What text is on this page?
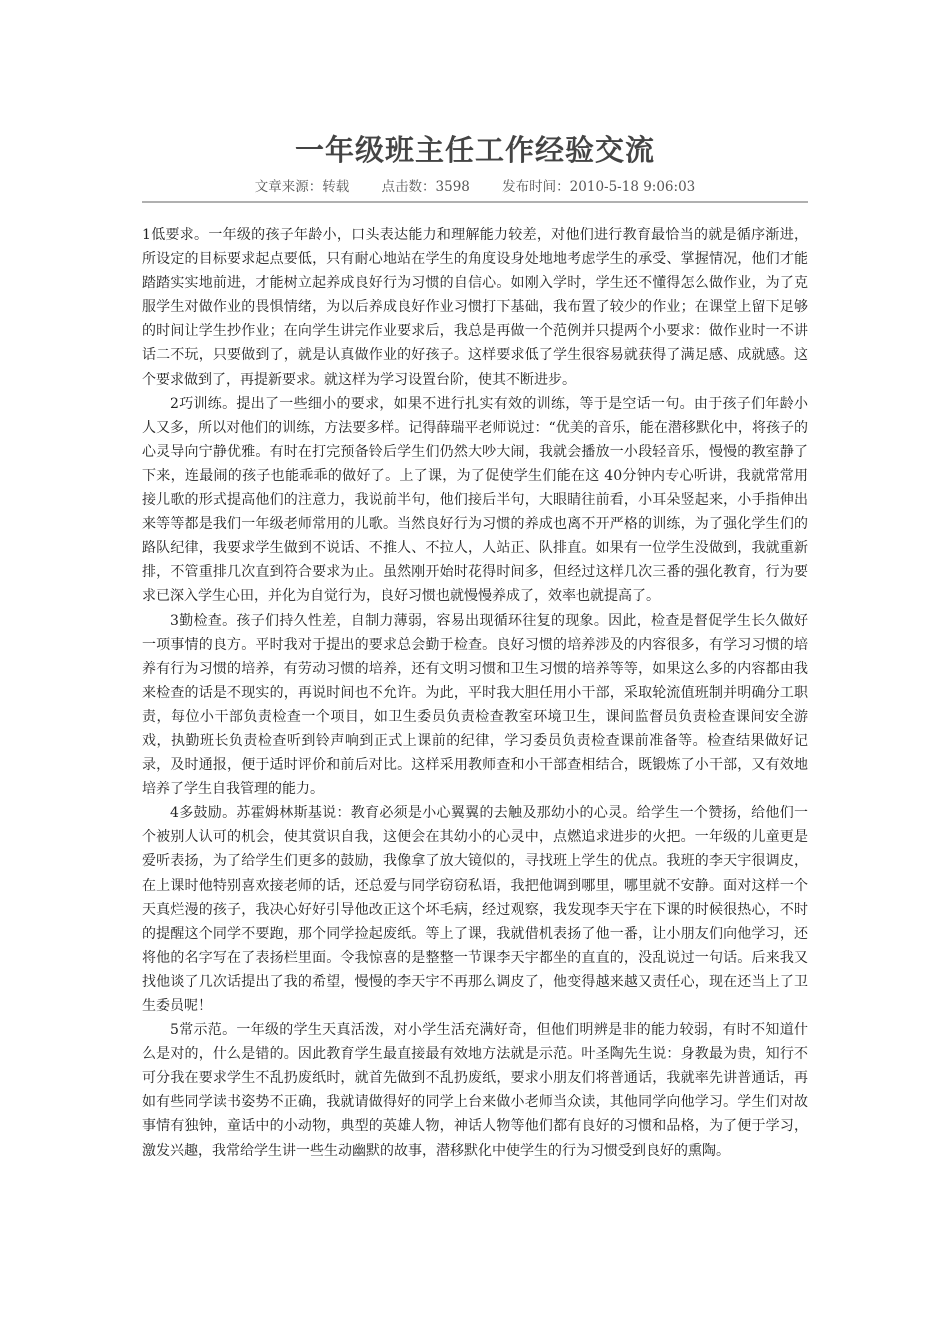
一年级班主任工作经验交流
文章来源：转载 点击数：3598 发布时间：2010-5-18 9:06:03

1低要求。一年级的孩子年龄小，口头表达能力和理解能力较差，对他们进行教育最恰当的就是循序渐进，所设定的目标要求起点要低，只有耐心地站在学生的角度设身处地地考虑学生的承受、掌握情况，他们才能踏踏实实地前进，才能树立起养成良好行为习惯的自信心。如刚入学时，学生还不懂得怎么做作业，为了克服学生对做作业的畏惧情绪，为以后养成良好作业习惯打下基础，我布置了较少的作业；在课堂上留下足够的时间让学生抄作业；在向学生讲完作业要求后，我总是再做一个范例并只提两个小要求：做作业时一不讲话二不玩，只要做到了，就是认真做作业的好孩子。这样要求低了学生很容易就获得了满足感、成就感。这个要求做到了，再提新要求。就这样为学习设置台阶，使其不断进步。

2巧训练。提出了一些细小的要求，如果不进行扎实有效的训练，等于是空话一句。由于孩子们年龄小人又多，所以对他们的训练，方法要多样。记得薛瑞平老师说过：“优美的音乐，能在潜移默化中，将孩子的心灵导向宁静优雅。有时在打完预备铃后学生们仍然大吵大闹，我就会播放一小段轻音乐，慢慢的教室静了下来，连最闹的孩子也能乖乖的做好了。上了课，为了促使学生们能在这 40分钟内专心听讲，我就常常用接儿歌的形式提高他们的注意力，我说前半句，他们接后半句，大眼睛往前看，小耳朵竖起来，小手指伸出来等等都是我们一年级老师常用的儿歌。当然良好行为习惯的养成也离不开严格的训练，为了强化学生们的路队纪律，我要求学生做到不说话、不推人、不拉人，人站正、队排直。如果有一位学生没做到，我就重新排，不管重排几次直到符合要求为止。虽然刚开始时花得时间多，但经过这样几次三番的强化教育，行为要求已深入学生心田，并化为自觉行为，良好习惯也就慢慢养成了，效率也就提高了。

3勤检查。孩子们持久性差，自制力薄弱，容易出现循环往复的现象。因此，检查是督促学生长久做好一项事情的良方。平时我对于提出的要求总会勤于检查。良好习惯的培养涉及的内容很多，有学习习惯的培养有行为习惯的培养，有劳动习惯的培养，还有文明习惯和卫生习惯的培养等等，如果这么多的内容都由我来检查的话是不现实的，再说时间也不允许。为此，平时我大胆任用小干部，采取轮流值班制并明确分工职责，每位小干部负责检查一个项目，如卫生委员负责检查教室环境卫生，课间监督员负责检查课间安全游戏，执勤班长负责检查听到铃声响到正式上课前的纪律，学习委员负责检查课前准备等。检查结果做好记录，及时通报，便于适时评价和前后对比。这样采用教师查和小干部查相结合，既锻炼了小干部，又有效地培养了学生自我管理的能力。

4多鼓励。苏霍姆林斯基说：教育必须是小心翼翼的去触及那幼小的心灵。给学生一个赞扬，给他们一个被别人认可的机会，使其赏识自我，这便会在其幼小的心灵中，点燃追求进步的火把。一年级的儿童更是爱听表扬，为了给学生们更多的鼓励，我像拿了放大镜似的，寻找班上学生的优点。我班的李天宇很调皮，在上课时他特别喜欢接老师的话，还总爱与同学窃窃私语，我把他调到哪里，哪里就不安静。面对这样一个天真烂漫的孩子，我决心好好引导他改正这个坏毛病，经过观察，我发现李天宇在下课的时候很热心，不时的提醒这个同学不要跑，那个同学捡起废纸。等上了课，我就借机表扬了他一番，让小朋友们向他学习，还将他的名字写在了表扬栏里面。令我惊喜的是整整一节课李天宇都坐的直直的，没乱说过一句话。后来我又找他谈了几次话提出了我的希望，慢慢的李天宇不再那么调皮了，他变得越来越又责任心，现在还当上了卫生委员呢！

5常示范。一年级的学生天真活泼，对小学生活充满好奇，但他们明辨是非的能力较弱，有时不知道什么是对的，什么是错的。因此教育学生最直接最有效地方法就是示范。叶圣陶先生说：身教最为贵，知行不可分我在要求学生不乱扔废纸时，就首先做到不乱扔废纸，要求小朋友们将普通话，我就率先讲普通话，再如有些同学读书姿势不正确，我就请做得好的同学上台来做小老师当众读，其他同学向他学习。学生们对故事情有独钟，童话中的小动物，典型的英雄人物，神话人物等他们都有良好的习惯和品格，为了便于学习，激发兴趣，我常给学生讲一些生动幽默的故事，潜移默化中使学生的行为习惯受到良好的熏陶。
